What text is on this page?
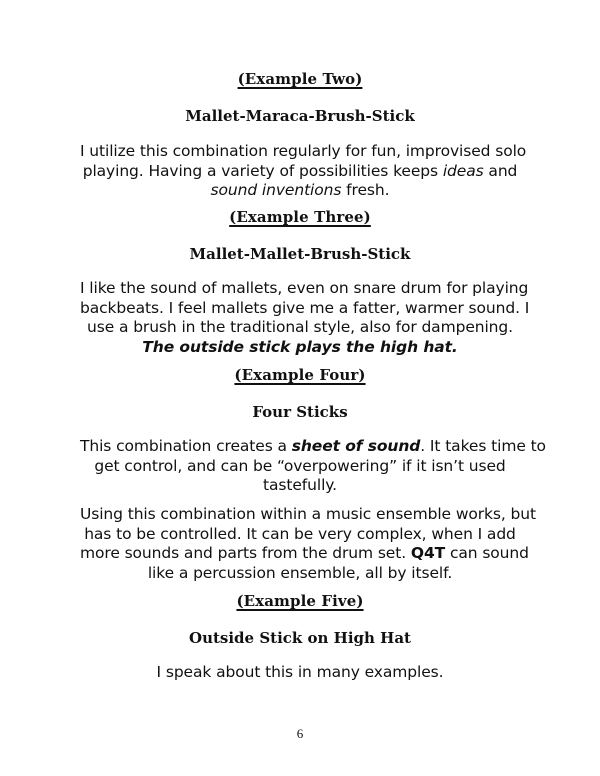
(Example Two)
Mallet-Maraca-Brush-Stick
I utilize this combination regularly for fun, improvised solo
playing. Having a variety of possibilities keeps ideas and
sound inventions fresh.
(Example Three)
Mallet-Mallet-Brush-Stick
I like the sound of mallets, even on snare drum for playing
backbeats. I feel mallets give me a fatter, warmer sound. I
use a brush in the traditional style, also for dampening.
The outside stick plays the high hat.
(Example Four)
Four Sticks
This combination creates a sheet of sound. It takes time to
get control, and can be “overpowering” if it isn’t used
tastefully.
Using this combination within a music ensemble works, but
has to be controlled. It can be very complex, when I add
more sounds and parts from the drum set. Q4T can sound
like a percussion ensemble, all by itself.
(Example Five)
Outside Stick on High Hat
I speak about this in many examples.
6
